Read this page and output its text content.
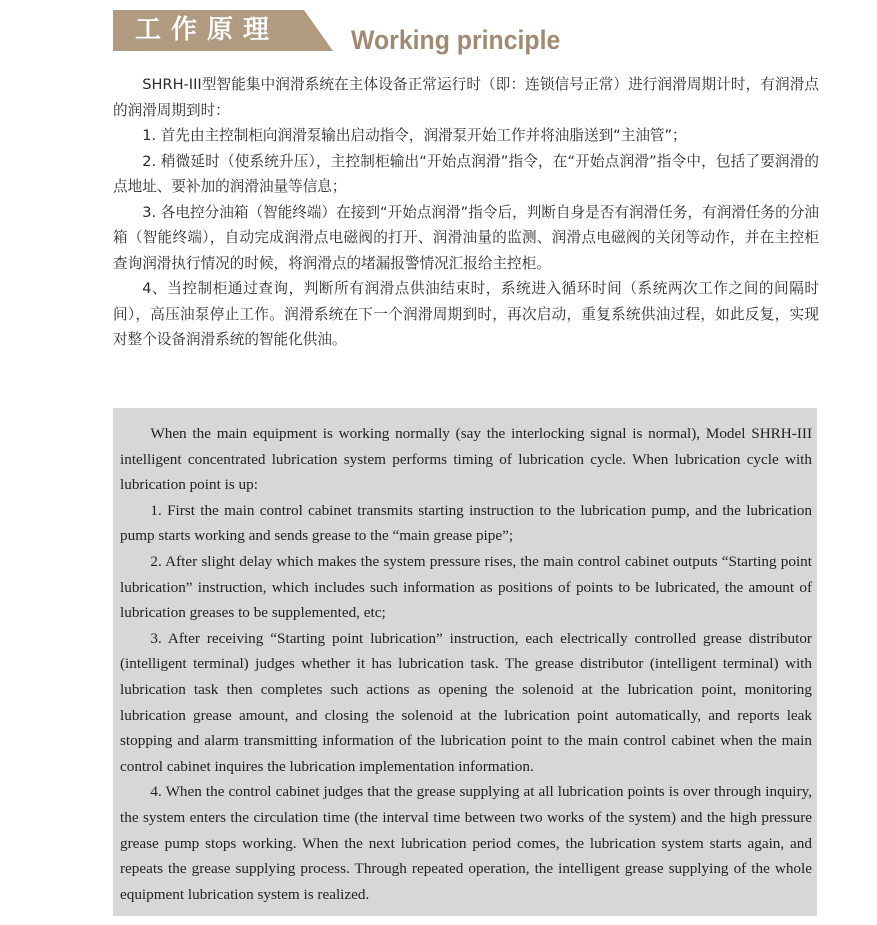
工作原理	Working principle

SHRH-III型智能集中润滑系统在主体设备正常运行时（即：连锁信号正常）进行润滑周期计时，有润滑点的润滑周期到时：

1. 首先由主控制柜向润滑泵输出启动指令，润滑泵开始工作并将油脂送到“主油管”；

2. 稍微延时（使系统升压），主控制柜输出“开始点润滑”指令，在“开始点润滑”指令中，包括了要润滑的点地址、要补加的润滑油量等信息；

3. 各电控分油箱（智能终端）在接到“开始点润滑”指令后，判断自身是否有润滑任务，有润滑任务的分油箱（智能终端），自动完成润滑点电磁阀的打开、润滑油量的监测、润滑点电磁阀的关闭等动作，并在主控柜查询润滑执行情况的时候，将润滑点的堵漏报警情况汇报给主控柜。

4、当控制柜通过查询，判断所有润滑点供油结束时，系统进入循环时间（系统两次工作之间的间隔时间），高压油泵停止工作。润滑系统在下一个润滑周期到时，再次启动，重复系统供油过程，如此反复，实现对整个设备润滑系统的智能化供油。

When the main equipment is working normally (say the interlocking signal is normal), Model SHRH-III intelligent concentrated lubrication system performs timing of lubrication cycle. When lubrication cycle with lubrication point is up:

1. First the main control cabinet transmits starting instruction to the lubrication pump, and the lubrication pump starts working and sends grease to the “main grease pipe”;

2. After slight delay which makes the system pressure rises, the main control cabinet outputs “Starting point lubrication” instruction, which includes such information as positions of points to be lubricated, the amount of lubrication greases to be supplemented, etc;

3. After receiving “Starting point lubrication” instruction, each electrically controlled grease distributor (intelligent terminal) judges whether it has lubrication task. The grease distributor (intelligent terminal) with lubrication task then completes such actions as opening the solenoid at the lubrication point, monitoring lubrication grease amount, and closing the solenoid at the lubrication point automatically, and reports leak stopping and alarm transmitting information of the lubrication point to the main control cabinet when the main control cabinet inquires the lubrication implementation information.

4. When the control cabinet judges that the grease supplying at all lubrication points is over through inquiry, the system enters the circulation time (the interval time between two works of the system) and the high pressure grease pump stops working. When the next lubrication period comes, the lubrication system starts again, and repeats the grease supplying process. Through repeated operation, the intelligent grease supplying of the whole equipment lubrication system is realized.
